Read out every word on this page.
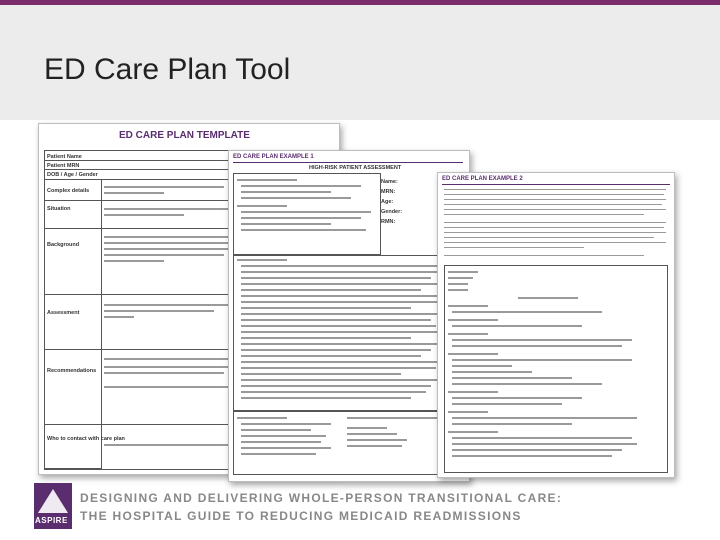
ED Care Plan Tool
ED CARE PLAN TEMPLATE
Patient Name
Patient MRN
DOB / Age / Gender
Complex details
Situation
Background
Assessment
Recommendations
Who to contact with care plan
ED CARE PLAN EXAMPLE 1
HIGH-RISK PATIENT ASSESSMENT
Name:
MRN:
Age:
Gender:
RMN:
ED CARE PLAN EXAMPLE 2
ASPIRE
DESIGNING AND DELIVERING WHOLE-PERSON TRANSITIONAL CARE:
THE HOSPITAL GUIDE TO REDUCING MEDICAID READMISSIONS
